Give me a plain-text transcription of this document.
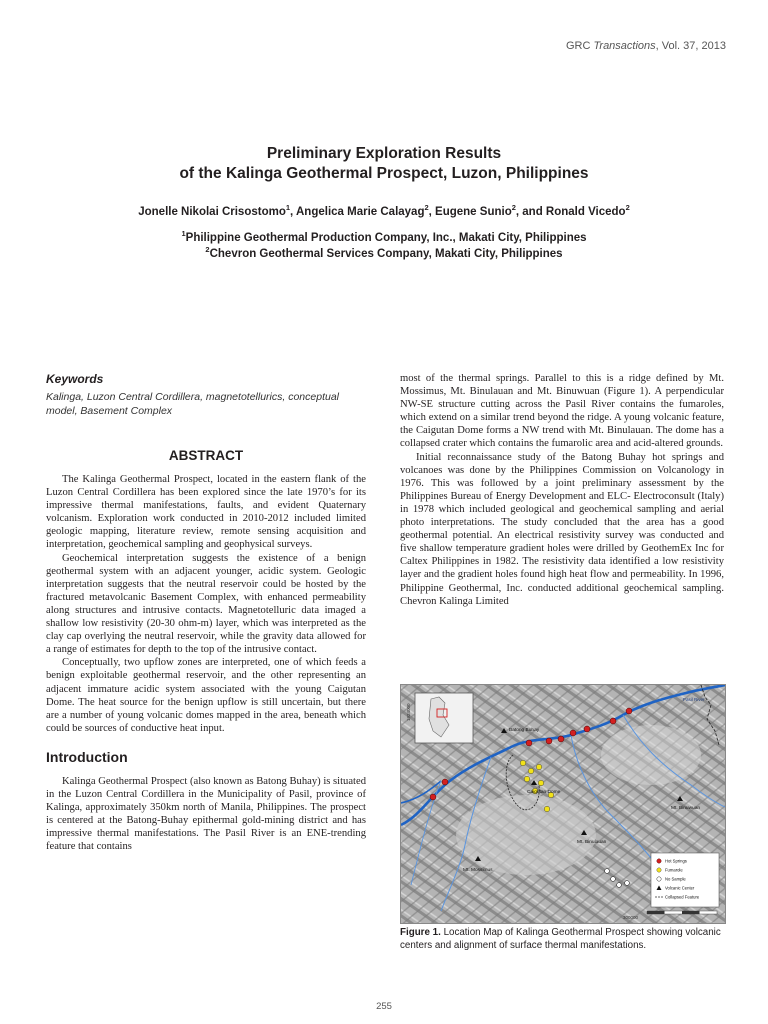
GRC Transactions, Vol. 37, 2013
Preliminary Exploration Results
of the Kalinga Geothermal Prospect, Luzon, Philippines
Jonelle Nikolai Crisostomo$^1$, Angelica Marie Calayag$^2$, Eugene Sunio$^2$, and Ronald Vicedo$^2$
$^1$Philippine Geothermal Production Company, Inc., Makati City, Philippines
$^2$Chevron Geothermal Services Company, Makati City, Philippines
Keywords

Kalinga, Luzon Central Cordillera, magnetotellurics, conceptual model, Basement Complex

ABSTRACT

The Kalinga Geothermal Prospect, located in the eastern flank of the Luzon Central Cordillera has been explored since the late 1970’s for its impressive thermal manifestations, faults, and evident Quaternary volcanism. Exploration work conducted in 2010-2012 included limited geologic mapping, literature review, remote sensing acquisition and interpretation, geochemical sampling and geophysical surveys.

Geochemical interpretation suggests the existence of a benign geothermal system with an adjacent younger, acidic system. Geologic interpretation suggests that the neutral reservoir could be hosted by the fractured metavolcanic Basement Complex, with enhanced permeability along structures and intrusive contacts. Magnetotelluric data imaged a shallow low resistivity (20-30 ohm-m) layer, which was interpreted as the clay cap overlying the neutral reservoir, while the gravity data allowed for a range of estimates for depth to the top of the intrusive contact.

Conceptually, two upflow zones are interpreted, one of which feeds a benign exploitable geothermal reservoir, and the other representing an adjacent immature acidic system associated with the young Caigutan Dome. The heat source for the benign upflow is still uncertain, but there are a number of young volcanic domes mapped in the area, beneath which could be sources of conductive heat input.

Introduction

Kalinga Geothermal Prospect (also known as Batong Buhay) is situated in the Luzon Central Cordillera in the Municipality of Pasil, province of Kalinga, approximately 350km north of Manila, Philippines. The prospect is centered at the Batong-Buhay epithermal gold-mining district and has impressive thermal manifestations. The Pasil River is an ENE-trending feature that contains

most of the thermal springs. Parallel to this is a ridge defined by Mt. Mossimus, Mt. Binulauan and Mt. Binuwuan (Figure 1). A perpendicular NW-SE structure cutting across the Pasil River contains the fumaroles, which extend on a similar trend beyond the ridge. A young volcanic feature, the Caigutan Dome forms a NW trend with Mt. Binulauan. The dome has a collapsed crater which contains the fumarolic area and acid-altered grounds.

Initial reconnaissance study of the Batong Buhay hot springs and volcanoes was done by the Philippines Commission on Volcanology in 1976. This was followed by a joint preliminary assessment by the Philippines Bureau of Energy Development and ELC- Electroconsult (Italy) in 1978 which included geological and geochemical sampling and aerial photo interpretations. The study concluded that the area has a good geothermal potential. An electrical resistivity survey was conducted and five shallow temperature gradient holes were drilled by GeothemEx Inc for Caltex Philippines in 1982. The resistivity data identified a low resistivity layer and the gradient holes found high heat flow and permeability. In 1996, Philippine Geothermal, Inc. conducted additional geochemical sampling. Chevron Kalinga Limited

1924000
Pasil River
Batong Buhay
Caigutan Dome
Mt. Binuwuan
Mt. Binulauan
Mt. Mossimus
Hot Springs
Fumarole
No Sample
Volcanic Center
Collapsed Feature
300000
Figure 1. Location Map of Kalinga Geothermal Prospect showing volcanic centers and alignment of surface thermal manifestations.
255
